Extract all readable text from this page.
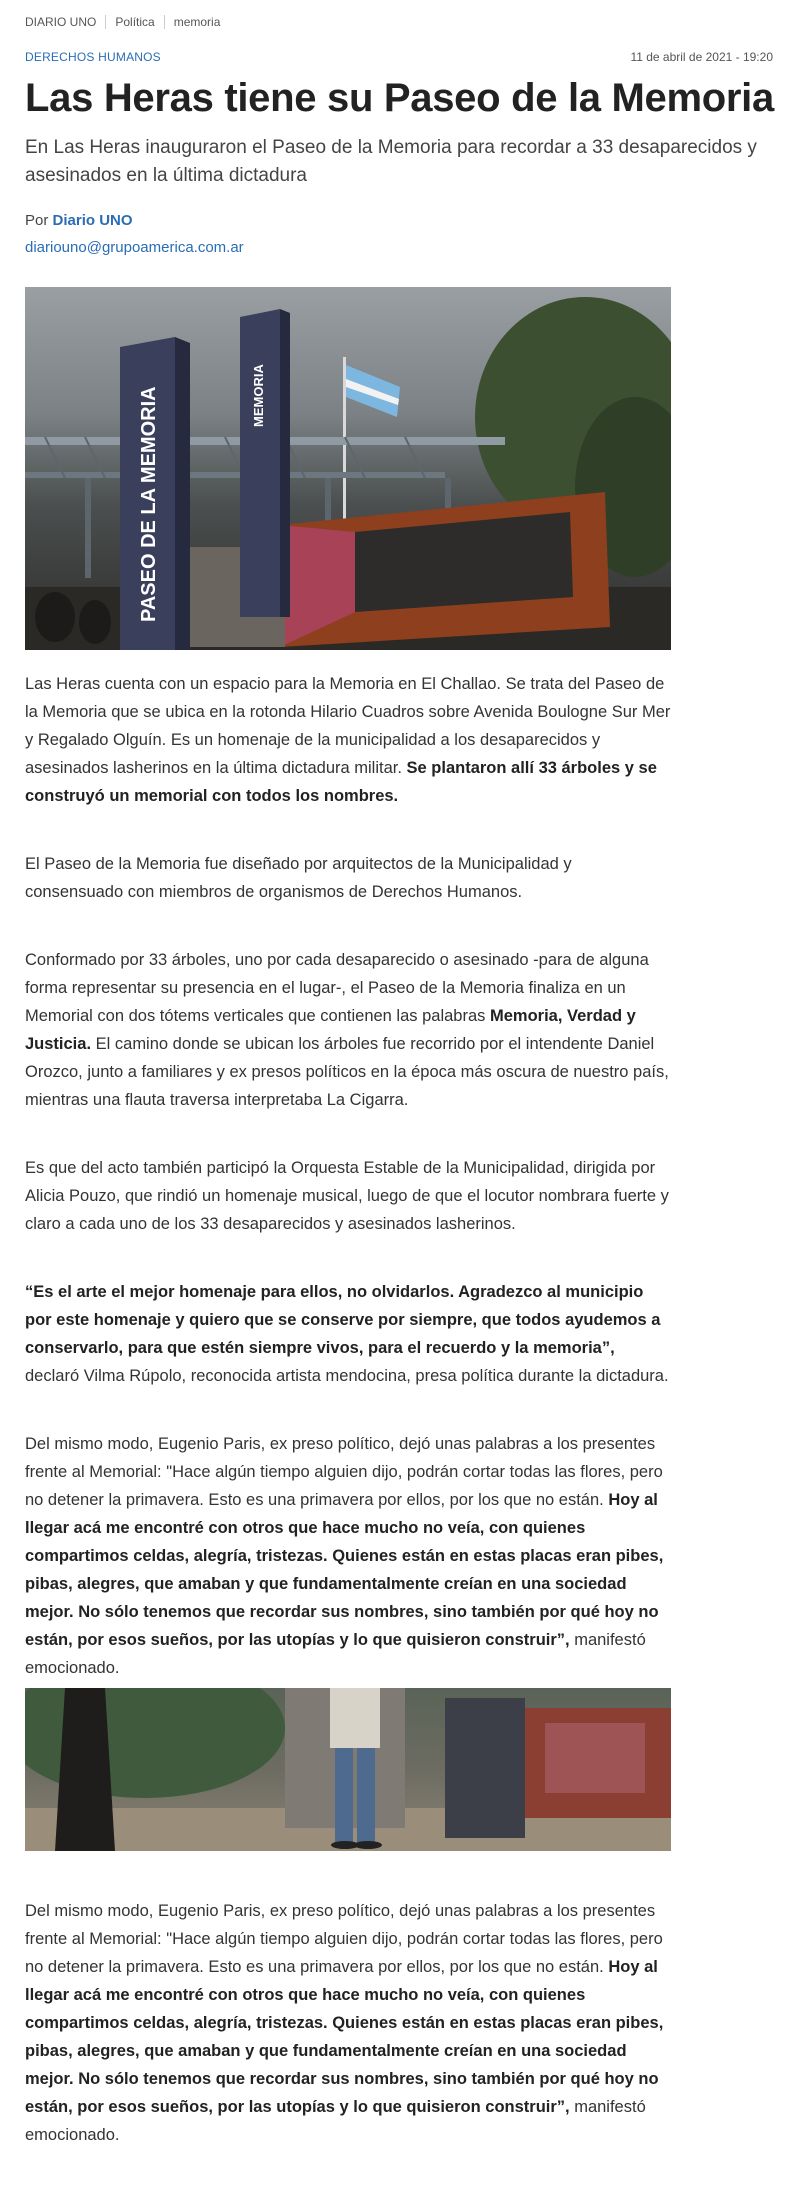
DIARIO UNO Política memoria
DERECHOS HUMANOS	11 de abril de 2021 - 19:20
Las Heras tiene su Paseo de la Memoria

En Las Heras inauguraron el Paseo de la Memoria para recordar a 33 desaparecidos y asesinados en la última dictadura

Por Diario UNO
diariouno@grupoamerica.com.ar
PASEO DE LA MEMORIA	MEMORIA

Las Heras cuenta con un espacio para la Memoria en El Challao. Se trata del Paseo de la Memoria que se ubica en la rotonda Hilario Cuadros sobre Avenida Boulogne Sur Mer y Regalado Olguín. Es un homenaje de la municipalidad a los desaparecidos y asesinados lasherinos en la última dictadura militar. Se plantaron allí 33 árboles y se construyó un memorial con todos los nombres.

El Paseo de la Memoria fue diseñado por arquitectos de la Municipalidad y consensuado con miembros de organismos de Derechos Humanos.

Conformado por 33 árboles, uno por cada desaparecido o asesinado -para de alguna forma representar su presencia en el lugar-, el Paseo de la Memoria finaliza en un Memorial con dos tótems verticales que contienen las palabras Memoria, Verdad y Justicia. El camino donde se ubican los árboles fue recorrido por el intendente Daniel Orozco, junto a familiares y ex presos políticos en la época más oscura de nuestro país, mientras una flauta traversa interpretaba La Cigarra.

Es que del acto también participó la Orquesta Estable de la Municipalidad, dirigida por Alicia Pouzo, que rindió un homenaje musical, luego de que el locutor nombrara fuerte y claro a cada uno de los 33 desaparecidos y asesinados lasherinos.

“Es el arte el mejor homenaje para ellos, no olvidarlos. Agradezco al municipio por este homenaje y quiero que se conserve por siempre, que todos ayudemos a conservarlo, para que estén siempre vivos, para el recuerdo y la memoria”, declaró Vilma Rúpolo, reconocida artista mendocina, presa política durante la dictadura.

Del mismo modo, Eugenio Paris, ex preso político, dejó unas palabras a los presentes frente al Memorial: "Hace algún tiempo alguien dijo, podrán cortar todas las flores, pero no detener la primavera. Esto es una primavera por ellos, por los que no están. Hoy al llegar acá me encontré con otros que hace mucho no veía, con quienes compartimos celdas, alegría, tristezas. Quienes están en estas placas eran pibes, pibas, alegres, que amaban y que fundamentalmente creían en una sociedad mejor. No sólo tenemos que recordar sus nombres, sino también por qué hoy no están, por esos sueños, por las utopías y lo que quisieron construir”, manifestó emocionado.

Del mismo modo, Eugenio Paris, ex preso político, dejó unas palabras a los presentes frente al Memorial: "Hace algún tiempo alguien dijo, podrán cortar todas las flores, pero no detener la primavera. Esto es una primavera por ellos, por los que no están. Hoy al llegar acá me encontré con otros que hace mucho no veía, con quienes compartimos celdas, alegría, tristezas. Quienes están en estas placas eran pibes, pibas, alegres, que amaban y que fundamentalmente creían en una sociedad mejor. No sólo tenemos que recordar sus nombres, sino también por qué hoy no están, por esos sueños, por las utopías y lo que quisieron construir”, manifestó emocionado.
